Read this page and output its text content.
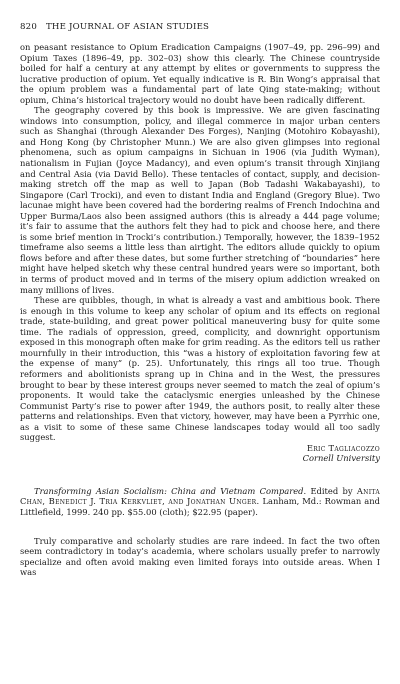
820 THE JOURNAL OF ASIAN STUDIES

on peasant resistance to Opium Eradication Campaigns (1907–49, pp. 296–99) and Opium Taxes (1896–49, pp. 302–03) show this clearly. The Chinese countryside boiled for half a century at any attempt by elites or governments to suppress the lucrative production of opium. Yet equally indicative is R. Bin Wong’s appraisal that the opium problem was a fundamental part of late Qing state-making; without opium, China’s historical trajectory would no doubt have been radically different.

The geography covered by this book is impressive. We are given fascinating windows into consumption, policy, and illegal commerce in major urban centers such as Shanghai (through Alexander Des Forges), Nanjing (Motohiro Kobayashi), and Hong Kong (by Christopher Munn.) We are also given glimpses into regional phenomena, such as opium campaigns in Sichuan in 1906 (via Judith Wyman), nationalism in Fujian (Joyce Madancy), and even opium’s transit through Xinjiang and Central Asia (via David Bello). These tentacles of contact, supply, and decision-making stretch off the map as well to Japan (Bob Tadashi Wakabayashi), to Singapore (Carl Trocki), and even to distant India and England (Gregory Blue). Two lacunae might have been covered had the bordering realms of French Indochina and Upper Burma/Laos also been assigned authors (this is already a 444 page volume; it’s fair to assume that the authors felt they had to pick and choose here, and there is some brief mention in Trocki’s contribution.) Temporally, however, the 1839–1952 timeframe also seems a little less than airtight. The editors allude quickly to opium flows before and after these dates, but some further stretching of “boundaries” here might have helped sketch why these central hundred years were so important, both in terms of product moved and in terms of the misery opium addiction wreaked on many millions of lives.

These are quibbles, though, in what is already a vast and ambitious book. There is enough in this volume to keep any scholar of opium and its effects on regional trade, state-building, and great power political maneuvering busy for quite some time. The radials of oppression, greed, complicity, and downright opportunism exposed in this monograph often make for grim reading. As the editors tell us rather mournfully in their introduction, this “was a history of exploitation favoring few at the expense of many” (p. 25). Unfortunately, this rings all too true. Though reformers and abolitionists sprang up in China and in the West, the pressures brought to bear by these interest groups never seemed to match the zeal of opium’s proponents. It would take the cataclysmic energies unleashed by the Chinese Communist Party’s rise to power after 1949, the authors posit, to really alter these patterns and relationships. Even that victory, however, may have been a Pyrrhic one, as a visit to some of these same Chinese landscapes today would all too sadly suggest.

Eric Tagliacozzo

Cornell University

Transforming Asian Socialism: China and Vietnam Compared. Edited by Anita Chan, Benedict J. Tria Kerkvliet, and Jonathan Unger. Lanham, Md.: Rowman and Littlefield, 1999. 240 pp. $55.00 (cloth); $22.95 (paper).

Truly comparative and scholarly studies are rare indeed. In fact the two often seem contradictory in today’s academia, where scholars usually prefer to narrowly specialize and often avoid making even limited forays into outside areas. When I was
